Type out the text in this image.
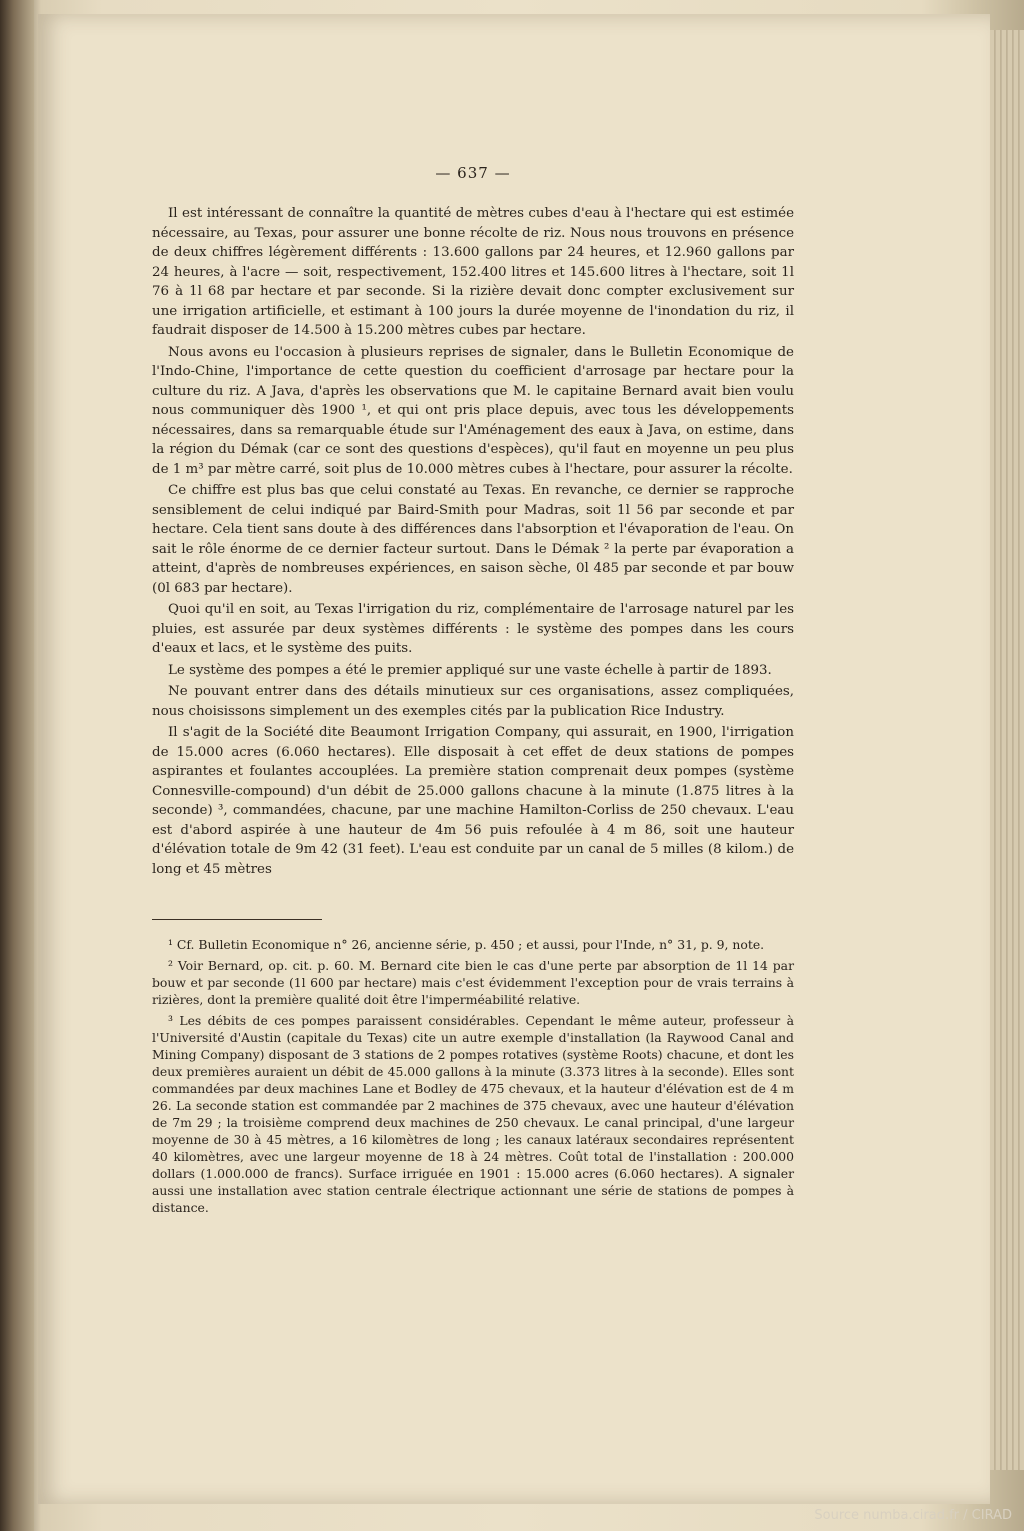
— 637 —

Il est intéressant de connaître la quantité de mètres cubes d'eau à l'hectare qui est estimée nécessaire, au Texas, pour assurer une bonne récolte de riz. Nous nous trouvons en présence de deux chiffres légèrement différents : 13.600 gallons par 24 heures, et 12.960 gallons par 24 heures, à l'acre — soit, respectivement, 152.400 litres et 145.600 litres à l'hectare, soit 1l 76 à 1l 68 par hectare et par seconde. Si la rizière devait donc compter exclusivement sur une irrigation artificielle, et estimant à 100 jours la durée moyenne de l'inondation du riz, il faudrait disposer de 14.500 à 15.200 mètres cubes par hectare.

Nous avons eu l'occasion à plusieurs reprises de signaler, dans le Bulletin Economique de l'Indo-Chine, l'importance de cette question du coefficient d'arrosage par hectare pour la culture du riz. A Java, d'après les observations que M. le capitaine Bernard avait bien voulu nous communiquer dès 1900 ¹, et qui ont pris place depuis, avec tous les développements nécessaires, dans sa remarquable étude sur l'Aménagement des eaux à Java, on estime, dans la région du Démak (car ce sont des questions d'espèces), qu'il faut en moyenne un peu plus de 1 m³ par mètre carré, soit plus de 10.000 mètres cubes à l'hectare, pour assurer la récolte.

Ce chiffre est plus bas que celui constaté au Texas. En revanche, ce dernier se rapproche sensiblement de celui indiqué par Baird-Smith pour Madras, soit 1l 56 par seconde et par hectare. Cela tient sans doute à des différences dans l'absorption et l'évaporation de l'eau. On sait le rôle énorme de ce dernier facteur surtout. Dans le Démak ² la perte par évaporation a atteint, d'après de nombreuses expériences, en saison sèche, 0l 485 par seconde et par bouw (0l 683 par hectare).

Quoi qu'il en soit, au Texas l'irrigation du riz, complémentaire de l'arrosage naturel par les pluies, est assurée par deux systèmes différents : le système des pompes dans les cours d'eaux et lacs, et le système des puits.

Le système des pompes a été le premier appliqué sur une vaste échelle à partir de 1893.

Ne pouvant entrer dans des détails minutieux sur ces organisations, assez compliquées, nous choisissons simplement un des exemples cités par la publication Rice Industry.

Il s'agit de la Société dite Beaumont Irrigation Company, qui assurait, en 1900, l'irrigation de 15.000 acres (6.060 hectares). Elle disposait à cet effet de deux stations de pompes aspirantes et foulantes accouplées. La première station comprenait deux pompes (système Connesville-compound) d'un débit de 25.000 gallons chacune à la minute (1.875 litres à la seconde) ³, commandées, chacune, par une machine Hamilton-Corliss de 250 chevaux. L'eau est d'abord aspirée à une hauteur de 4m 56 puis refoulée à 4 m 86, soit une hauteur d'élévation totale de 9m 42 (31 feet). L'eau est conduite par un canal de 5 milles (8 kilom.) de long et 45 mètres

¹ Cf. Bulletin Economique n° 26, ancienne série, p. 450 ; et aussi, pour l'Inde, n° 31, p. 9, note.

² Voir Bernard, op. cit. p. 60. M. Bernard cite bien le cas d'une perte par absorption de 1l 14 par bouw et par seconde (1l 600 par hectare) mais c'est évidemment l'exception pour de vrais terrains à rizières, dont la première qualité doit être l'imperméabilité relative.

³ Les débits de ces pompes paraissent considérables. Cependant le même auteur, professeur à l'Université d'Austin (capitale du Texas) cite un autre exemple d'installation (la Raywood Canal and Mining Company) disposant de 3 stations de 2 pompes rotatives (système Roots) chacune, et dont les deux premières auraient un débit de 45.000 gallons à la minute (3.373 litres à la seconde). Elles sont commandées par deux machines Lane et Bodley de 475 chevaux, et la hauteur d'élévation est de 4 m 26. La seconde station est commandée par 2 machines de 375 chevaux, avec une hauteur d'élévation de 7m 29 ; la troisième comprend deux machines de 250 chevaux. Le canal principal, d'une largeur moyenne de 30 à 45 mètres, a 16 kilomètres de long ; les canaux latéraux secondaires représentent 40 kilomètres, avec une largeur moyenne de 18 à 24 mètres. Coût total de l'installation : 200.000 dollars (1.000.000 de francs). Surface irriguée en 1901 : 15.000 acres (6.060 hectares). A signaler aussi une installation avec station centrale électrique actionnant une série de stations de pompes à distance.

Source numba.cirad.fr / CIRAD
